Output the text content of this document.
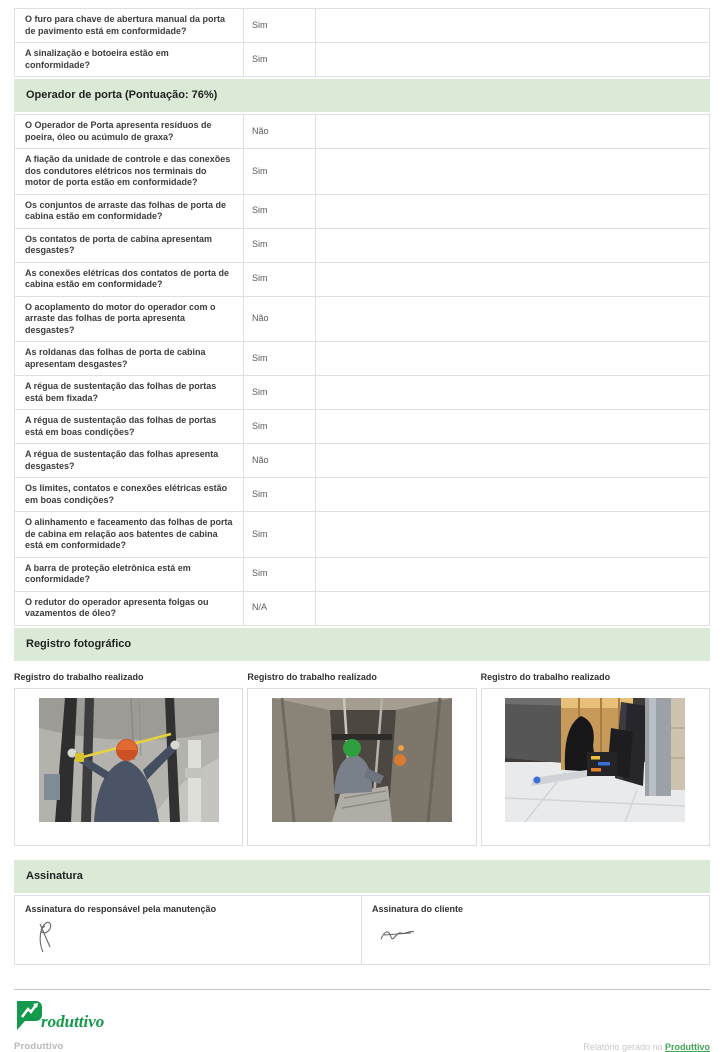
O furo para chave de abertura manual da porta de pavimento está em conformidade?
Sim
A sinalização e botoeira estão em conformidade?
Sim
Operador de porta (Pontuação: 76%)
O Operador de Porta apresenta resíduos de poeira, óleo ou acúmulo de graxa?
Não
A fiação da unidade de controle e das conexões dos condutores elétricos nos terminais do motor de porta estão em conformidade?
Sim
Os conjuntos de arraste das folhas de porta de cabina estão em conformidade?
Sim
Os contatos de porta de cabina apresentam desgastes?
Sim
As conexões elétricas dos contatos de porta de cabina estão em conformidade?
Sim
O acoplamento do motor do operador com o arraste das folhas de porta apresenta desgastes?
Não
As roldanas das folhas de porta de cabina apresentam desgastes?
Sim
A régua de sustentação das folhas de portas está bem fixada?
Sim
A régua de sustentação das folhas de portas está em boas condições?
Sim
A régua de sustentação das folhas apresenta desgastes?
Não
Os limites, contatos e conexões elétricas estão em boas condições?
Sim
O alinhamento e faceamento das folhas de porta de cabina em relação aos batentes de cabina está em conformidade?
Sim
A barra de proteção eletrônica está em conformidade?
Sim
O redutor do operador apresenta folgas ou vazamentos de óleo?
N/A
Registro fotográfico
Registro do trabalho realizado	Registro do trabalho realizado	Registro do trabalho realizado
Assinatura
Assinatura do responsável pela manutenção	Assinatura do cliente
roduttivo
Produttivo	Relatório gerado no Produttivo
